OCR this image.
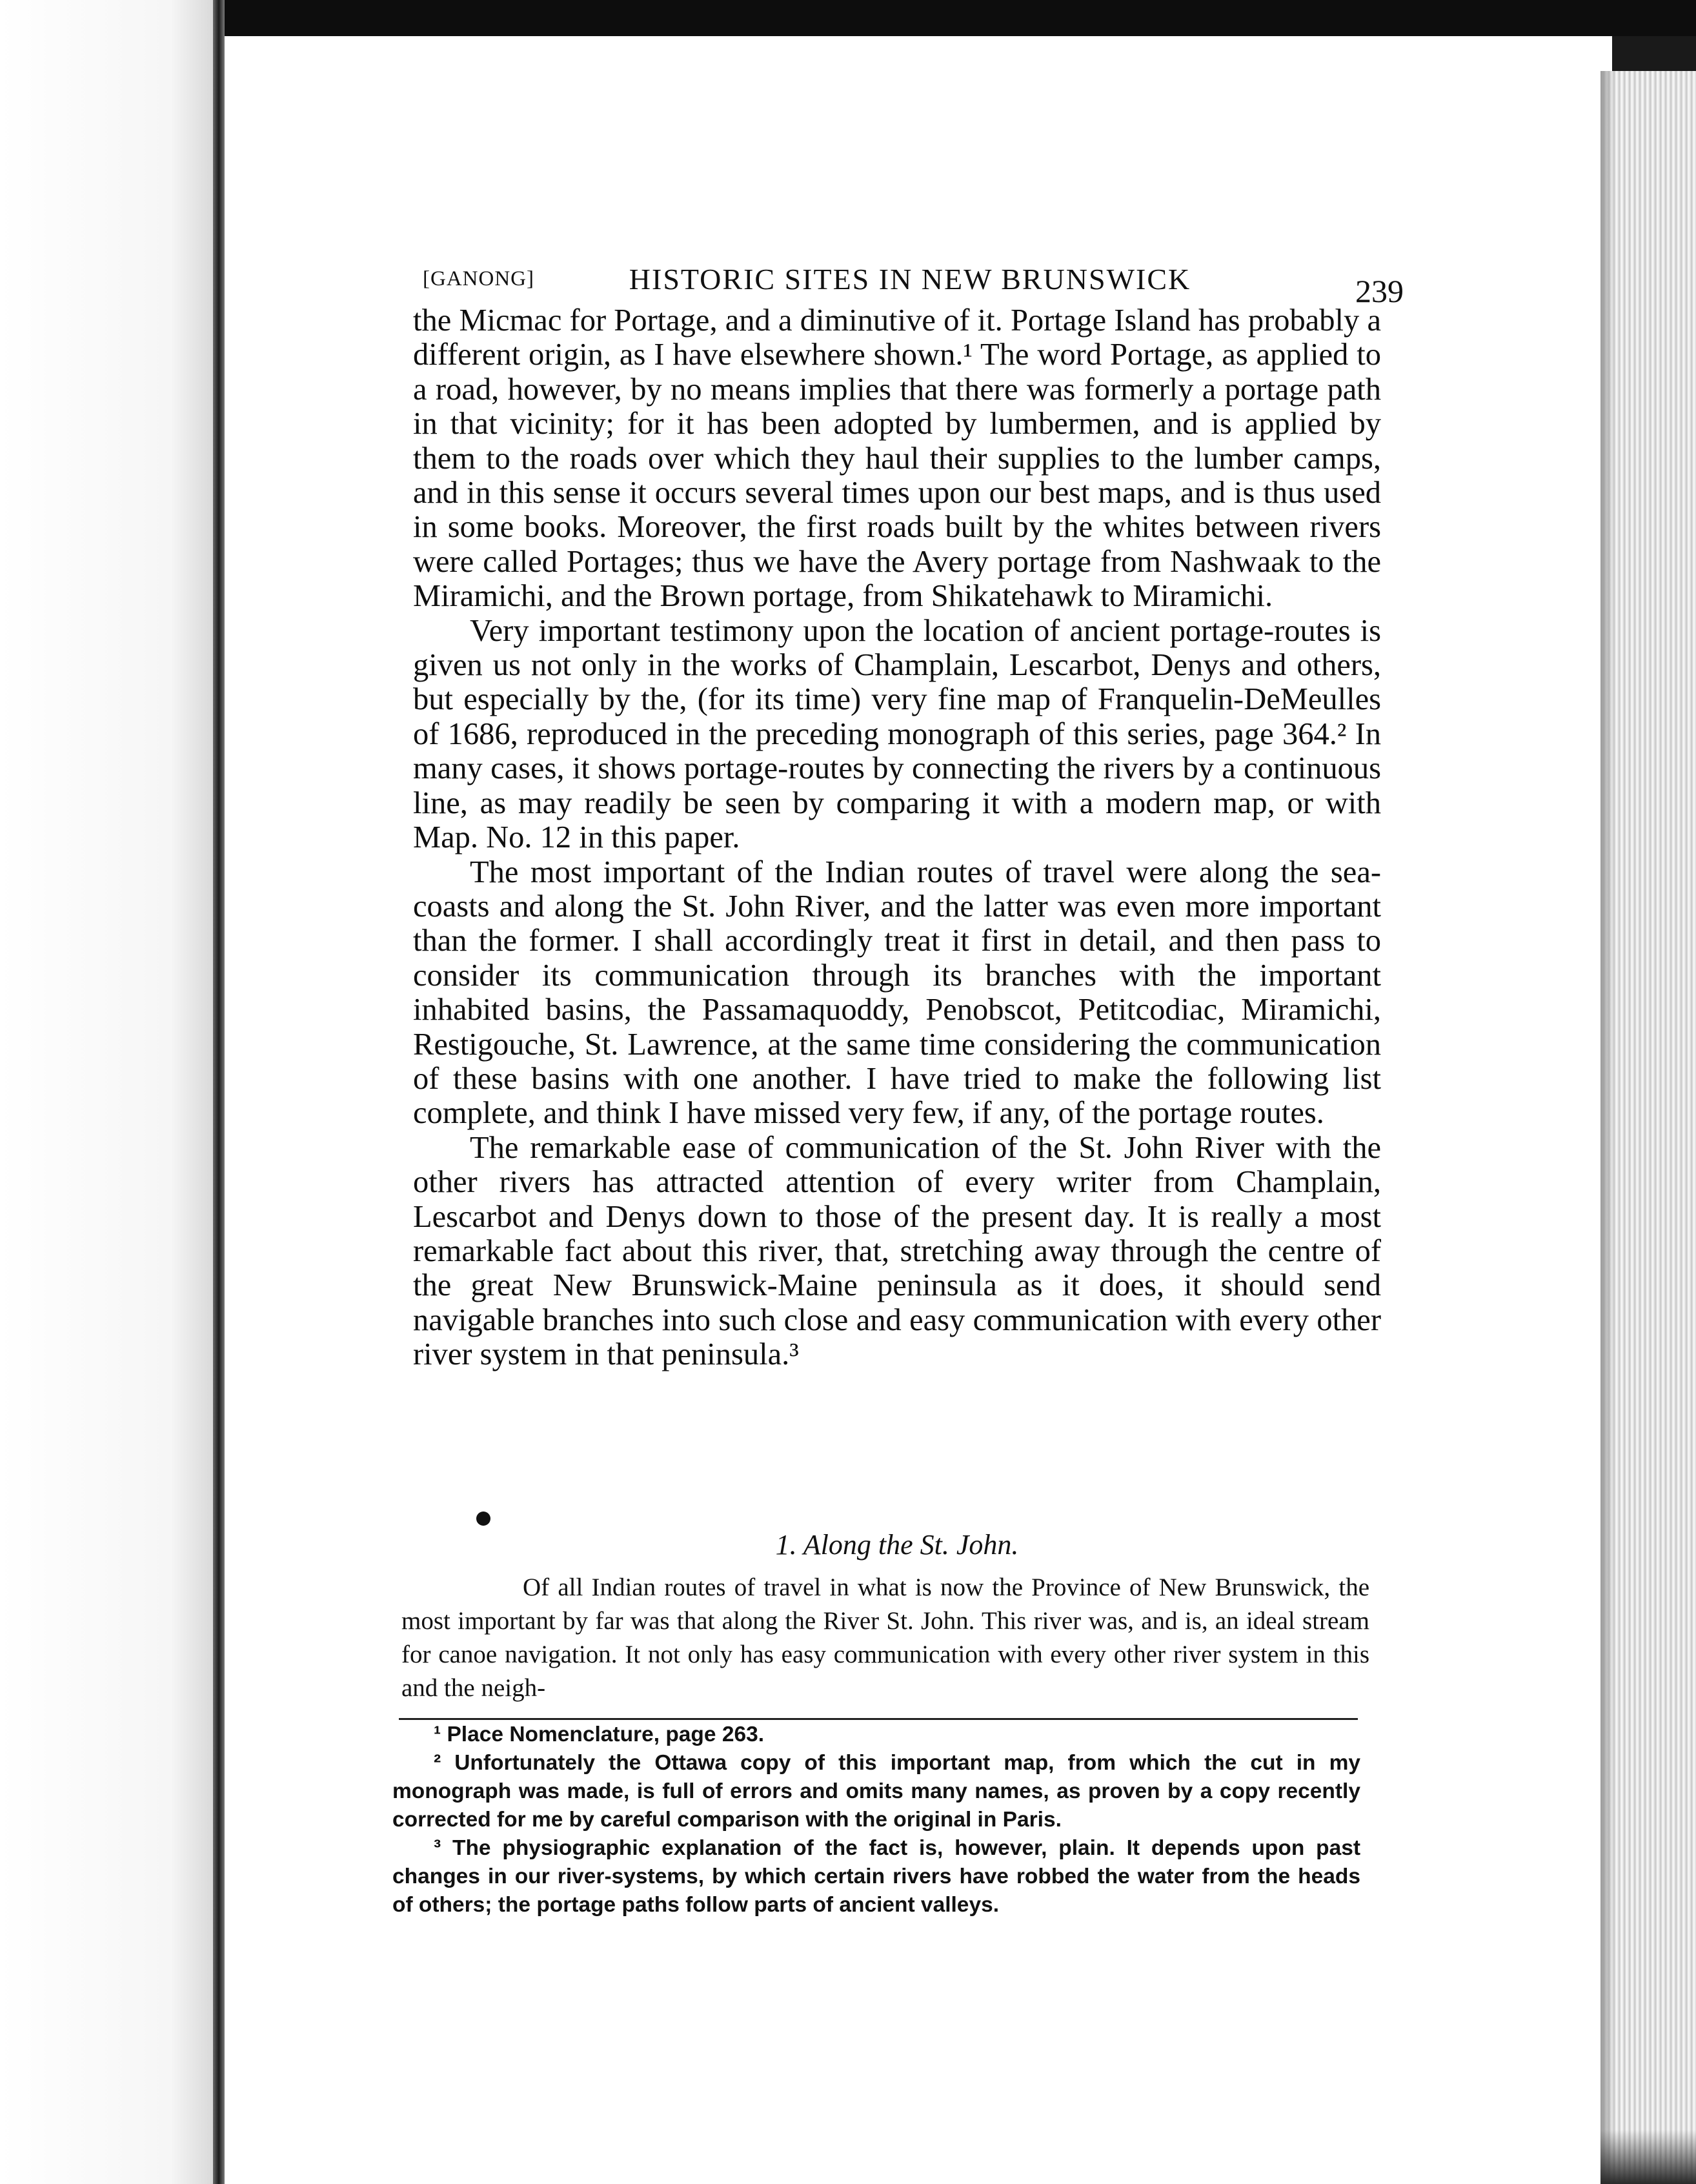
[GANONG]	HISTORIC SITES IN NEW BRUNSWICK	239

the Micmac for Portage, and a diminutive of it. Portage Island has probably a different origin, as I have elsewhere shown.¹ The word Portage, as applied to a road, however, by no means implies that there was formerly a portage path in that vicinity; for it has been adopted by lumbermen, and is applied by them to the roads over which they haul their supplies to the lumber camps, and in this sense it occurs several times upon our best maps, and is thus used in some books. Moreover, the first roads built by the whites between rivers were called Portages; thus we have the Avery portage from Nashwaak to the Miramichi, and the Brown portage, from Shikatehawk to Miramichi.

Very important testimony upon the location of ancient portage-routes is given us not only in the works of Champlain, Lescarbot, Denys and others, but especially by the, (for its time) very fine map of Franquelin-DeMeulles of 1686, reproduced in the preceding monograph of this series, page 364.² In many cases, it shows portage-routes by connecting the rivers by a continuous line, as may readily be seen by comparing it with a modern map, or with Map. No. 12 in this paper.

The most important of the Indian routes of travel were along the sea-coasts and along the St. John River, and the latter was even more important than the former. I shall accordingly treat it first in detail, and then pass to consider its communication through its branches with the important inhabited basins, the Passamaquoddy, Penobscot, Petitcodiac, Miramichi, Restigouche, St. Lawrence, at the same time considering the communication of these basins with one another. I have tried to make the following list complete, and think I have missed very few, if any, of the portage routes.

The remarkable ease of communication of the St. John River with the other rivers has attracted attention of every writer from Champlain, Lescarbot and Denys down to those of the present day. It is really a most remarkable fact about this river, that, stretching away through the centre of the great New Brunswick-Maine peninsula as it does, it should send navigable branches into such close and easy communication with every other river system in that peninsula.³

1. Along the St. John.

Of all Indian routes of travel in what is now the Province of New Brunswick, the most important by far was that along the River St. John. This river was, and is, an ideal stream for canoe navigation. It not only has easy communication with every other river system in this and the neigh-

¹ Place Nomenclature, page 263.

² Unfortunately the Ottawa copy of this important map, from which the cut in my monograph was made, is full of errors and omits many names, as proven by a copy recently corrected for me by careful comparison with the original in Paris.

³ The physiographic explanation of the fact is, however, plain. It depends upon past changes in our river-systems, by which certain rivers have robbed the water from the heads of others; the portage paths follow parts of ancient valleys.
